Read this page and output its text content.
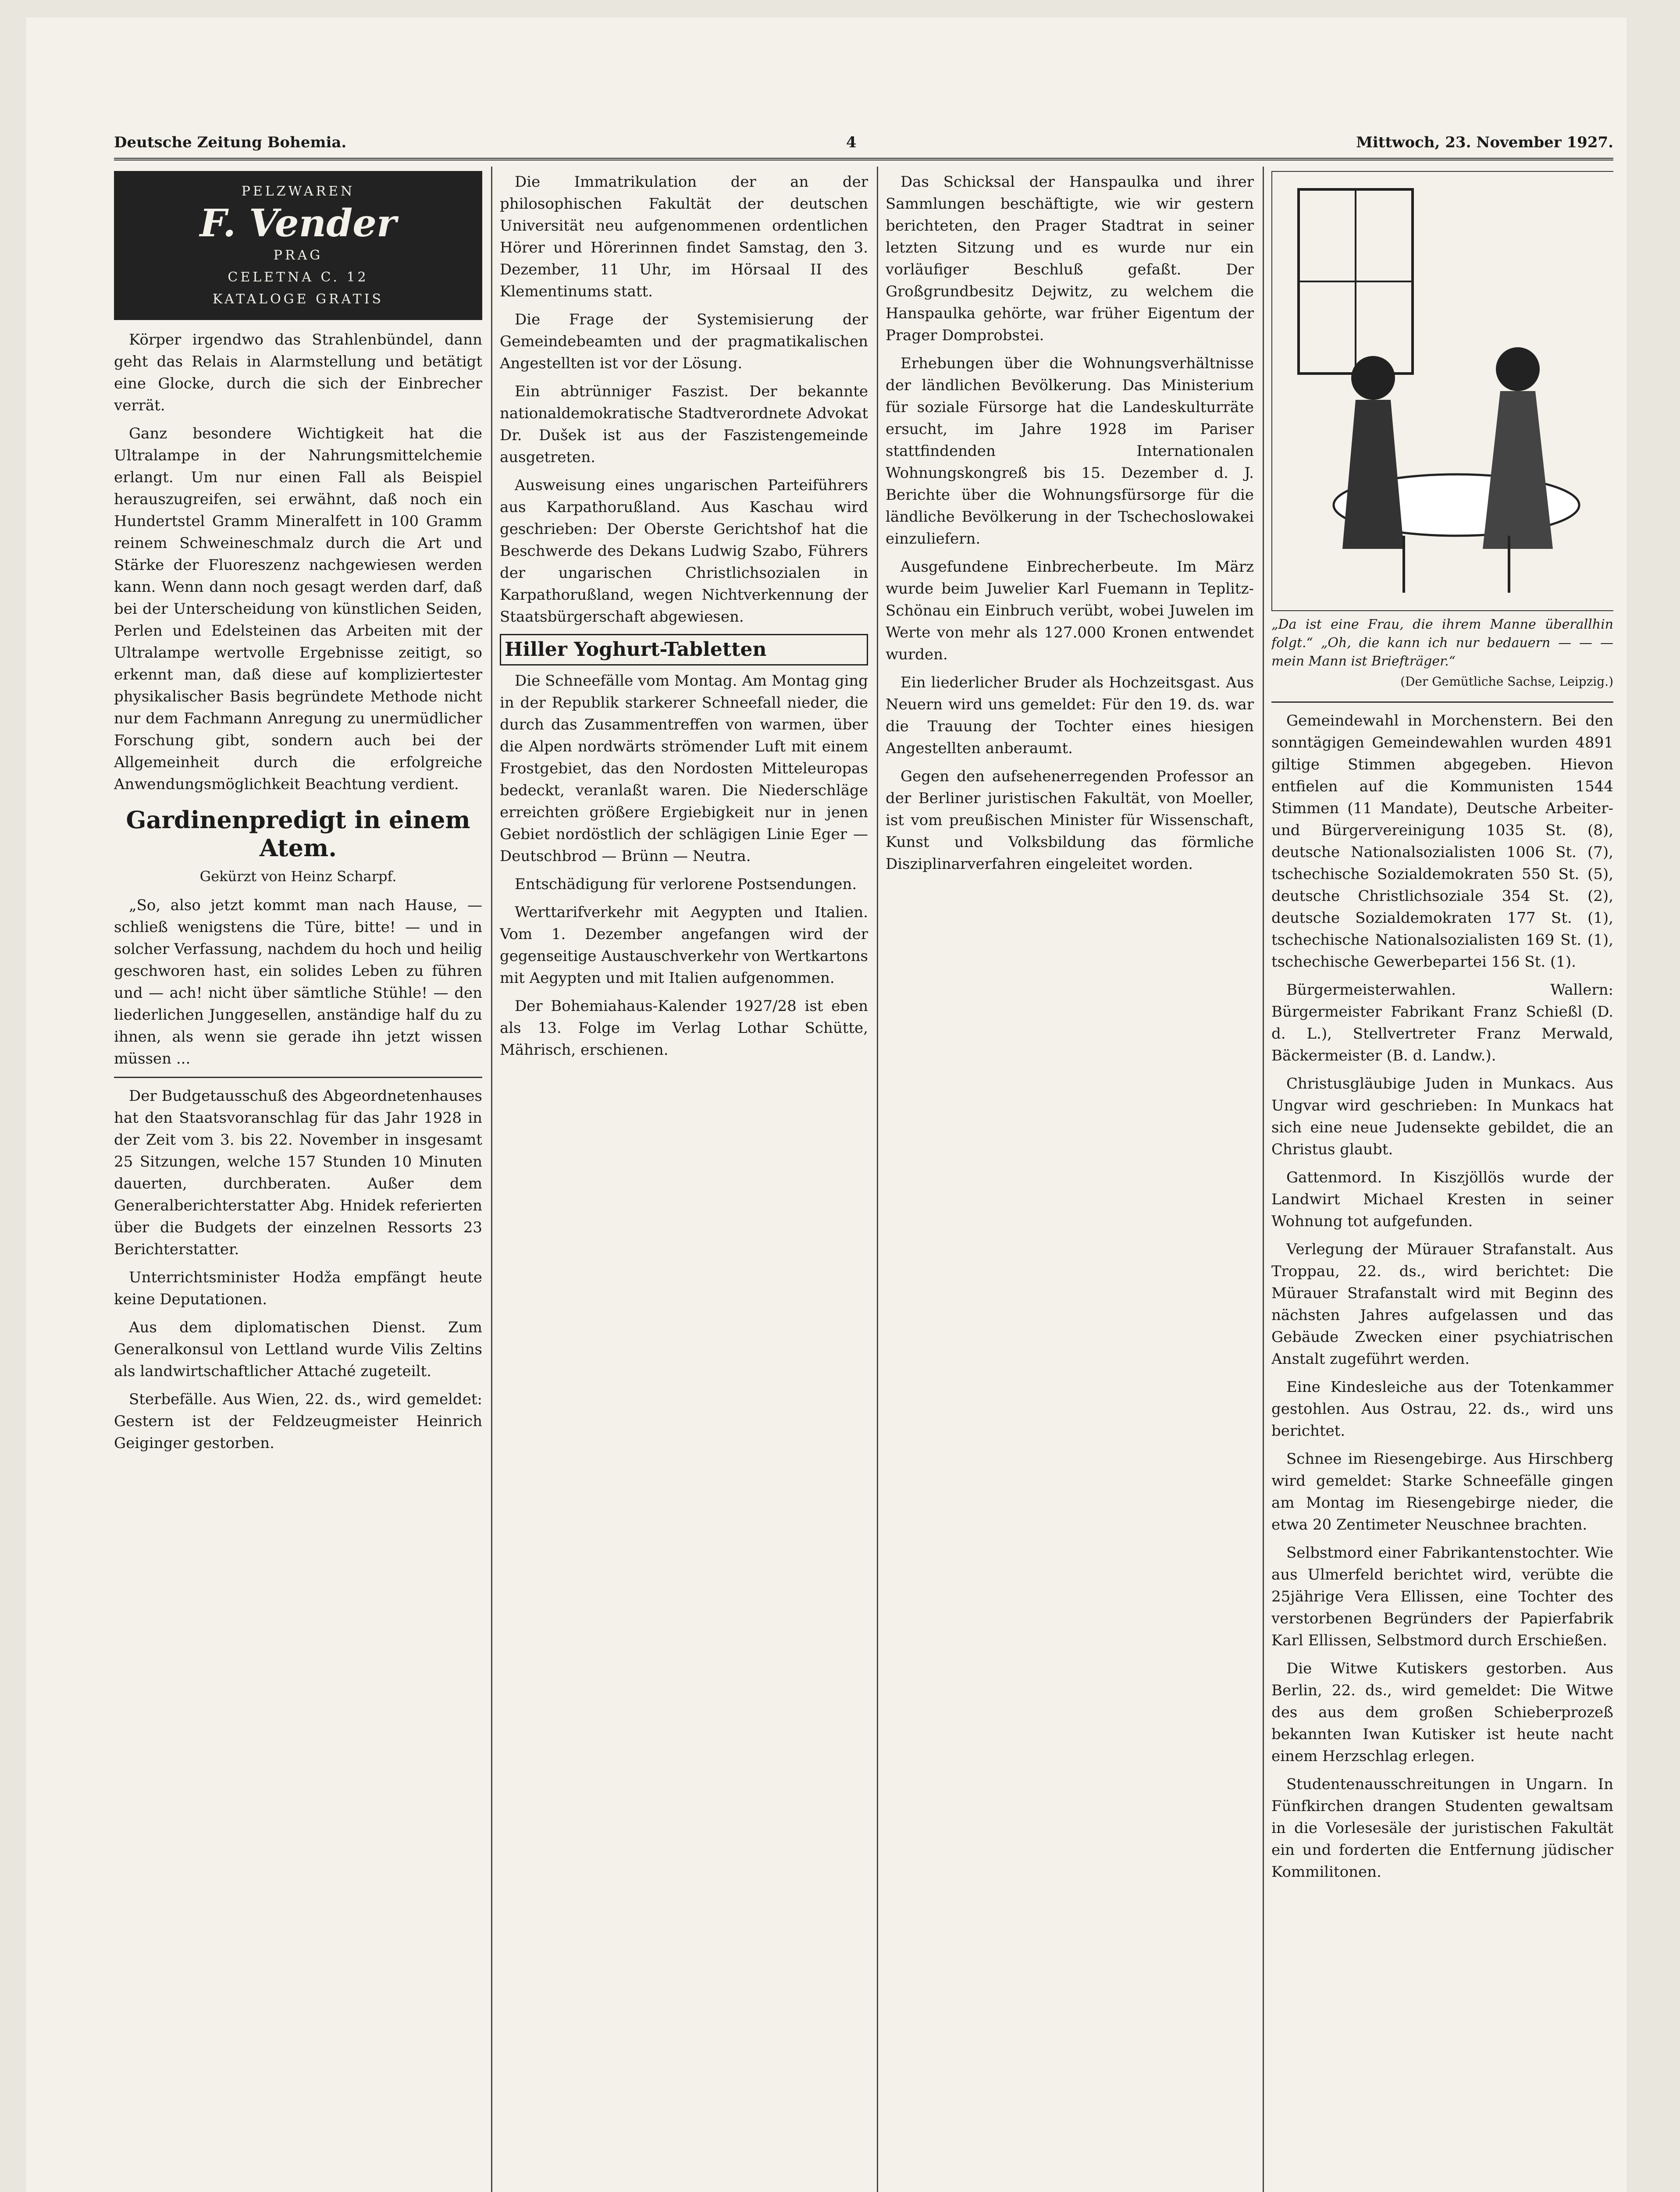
Deutsche Zeitung Bohemia.	4	Mittwoch, 23. November 1927.
PELZWAREN
F. Vender
PRAG
CELETNA C. 12
KATALOGE GRATIS

Körper irgendwo das Strahlenbündel, dann geht das Relais in Alarmstellung und betätigt eine Glocke, durch die sich der Einbrecher verrät.

Ganz besondere Wichtigkeit hat die Ultralampe in der Nahrungsmittelchemie erlangt. Um nur einen Fall als Beispiel herauszugreifen, sei erwähnt, daß noch ein Hundertstel Gramm Mineralfett in 100 Gramm reinem Schweineschmalz durch die Art und Stärke der Fluoreszenz nachgewiesen werden kann. Wenn dann noch gesagt werden darf, daß bei der Unterscheidung von künstlichen Seiden, Perlen und Edelsteinen das Arbeiten mit der Ultralampe wertvolle Ergebnisse zeitigt, so erkennt man, daß diese auf kompliziertester physikalischer Basis begründete Methode nicht nur dem Fachmann Anregung zu unermüdlicher Forschung gibt, sondern auch bei der Allgemeinheit durch die erfolgreiche Anwendungsmöglichkeit Beachtung verdient.

Gardinenpredigt in einem Atem.
Gekürzt von Heinz Scharpf.

„So, also jetzt kommt man nach Hause, — schließ wenigstens die Türe, bitte! — und in solcher Verfassung, nachdem du hoch und heilig geschworen hast, ein solides Leben zu führen und — ach! nicht über sämtliche Stühle! — den liederlichen Junggesellen, anständige half du zu ihnen, als wenn sie gerade ihn jetzt wissen müssen ...

Der Budgetausschuß des Abgeordnetenhauses hat den Staatsvoranschlag für das Jahr 1928 in der Zeit vom 3. bis 22. November in insgesamt 25 Sitzungen, welche 157 Stunden 10 Minuten dauerten, durchberaten. Außer dem Generalberichterstatter Abg. Hnidek referierten über die Budgets der einzelnen Ressorts 23 Berichterstatter.

Unterrichtsminister Hodža empfängt heute keine Deputationen.

Aus dem diplomatischen Dienst. Zum Generalkonsul von Lettland wurde Vilis Zeltins als landwirtschaftlicher Attaché zugeteilt.

Sterbefälle. Aus Wien, 22. ds., wird gemeldet: Gestern ist der Feldzeugmeister Heinrich Geiginger gestorben.

Die Immatrikulation der an der philosophischen Fakultät der deutschen Universität neu aufgenommenen ordentlichen Hörer und Hörerinnen findet Samstag, den 3. Dezember, 11 Uhr, im Hörsaal II des Klementinums statt.

Die Frage der Systemisierung der Gemeindebeamten und der pragmatikalischen Angestellten ist vor der Lösung.

Ein abtrünniger Faszist. Der bekannte nationaldemokratische Stadtverordnete Advokat Dr. Dušek ist aus der Faszistengemeinde ausgetreten.

Ausweisung eines ungarischen Parteiführers aus Karpathorußland. Aus Kaschau wird geschrieben: Der Oberste Gerichtshof hat die Beschwerde des Dekans Ludwig Szabo, Führers der ungarischen Christlichsozialen in Karpathorußland, wegen Nichtverkennung der Staatsbürgerschaft abgewiesen.

Hiller Yoghurt-Tabletten

Die Schneefälle vom Montag. Am Montag ging in der Republik starkerer Schneefall nieder, die durch das Zusammentreffen von warmen, über die Alpen nordwärts strömender Luft mit einem Frostgebiet, das den Nordosten Mitteleuropas bedeckt, veranlaßt waren. Die Niederschläge erreichten größere Ergiebigkeit nur in jenen Gebiet nordöstlich der schlägigen Linie Eger — Deutschbrod — Brünn — Neutra.

Entschädigung für verlorene Postsendungen.

Werttarifverkehr mit Aegypten und Italien. Vom 1. Dezember angefangen wird der gegenseitige Austauschverkehr von Wertkartons mit Aegypten und mit Italien aufgenommen.

Der Bohemiahaus-Kalender 1927/28 ist eben als 13. Folge im Verlag Lothar Schütte, Mährisch, erschienen.

Das Schicksal der Hanspaulka und ihrer Sammlungen beschäftigte, wie wir gestern berichteten, den Prager Stadtrat in seiner letzten Sitzung und es wurde nur ein vorläufiger Beschluß gefaßt. Der Großgrundbesitz Dejwitz, zu welchem die Hanspaulka gehörte, war früher Eigentum der Prager Domprobstei.

Erhebungen über die Wohnungsverhältnisse der ländlichen Bevölkerung. Das Ministerium für soziale Fürsorge hat die Landeskulturräte ersucht, im Jahre 1928 im Pariser stattfindenden Internationalen Wohnungskongreß bis 15. Dezember d. J. Berichte über die Wohnungsfürsorge für die ländliche Bevölkerung in der Tschechoslowakei einzuliefern.

Ausgefundene Einbrecherbeute. Im März wurde beim Juwelier Karl Fuemann in Teplitz-Schönau ein Einbruch verübt, wobei Juwelen im Werte von mehr als 127.000 Kronen entwendet wurden.

Ein liederlicher Bruder als Hochzeitsgast. Aus Neuern wird uns gemeldet: Für den 19. ds. war die Trauung der Tochter eines hiesigen Angestellten anberaumt.

Gegen den aufsehenerregenden Professor an der Berliner juristischen Fakultät, von Moeller, ist vom preußischen Minister für Wissenschaft, Kunst und Volksbildung das förmliche Disziplinarverfahren eingeleitet worden.

„Da ist eine Frau, die ihrem Manne überallhin folgt.“ „Oh, die kann ich nur bedauern — — — mein Mann ist Briefträger.“
(Der Gemütliche Sachse, Leipzig.)

Gemeindewahl in Morchenstern. Bei den sonntägigen Gemeindewahlen wurden 4891 giltige Stimmen abgegeben. Hievon entfielen auf die Kommunisten 1544 Stimmen (11 Mandate), Deutsche Arbeiter- und Bürgervereinigung 1035 St. (8), deutsche Nationalsozialisten 1006 St. (7), tschechische Sozialdemokraten 550 St. (5), deutsche Christlichsoziale 354 St. (2), deutsche Sozialdemokraten 177 St. (1), tschechische Nationalsozialisten 169 St. (1), tschechische Gewerbepartei 156 St. (1).

Bürgermeisterwahlen. Wallern: Bürgermeister Fabrikant Franz Schießl (D. d. L.), Stellvertreter Franz Merwald, Bäckermeister (B. d. Landw.).

Christusgläubige Juden in Munkacs. Aus Ungvar wird geschrieben: In Munkacs hat sich eine neue Judensekte gebildet, die an Christus glaubt.

Gattenmord. In Kiszjöllös wurde der Landwirt Michael Kresten in seiner Wohnung tot aufgefunden.

Verlegung der Mürauer Strafanstalt. Aus Troppau, 22. ds., wird berichtet: Die Mürauer Strafanstalt wird mit Beginn des nächsten Jahres aufgelassen und das Gebäude Zwecken einer psychiatrischen Anstalt zugeführt werden.

Eine Kindesleiche aus der Totenkammer gestohlen. Aus Ostrau, 22. ds., wird uns berichtet.

Schnee im Riesengebirge. Aus Hirschberg wird gemeldet: Starke Schneefälle gingen am Montag im Riesengebirge nieder, die etwa 20 Zentimeter Neuschnee brachten.

Selbstmord einer Fabrikantenstochter. Wie aus Ulmerfeld berichtet wird, verübte die 25jährige Vera Ellissen, eine Tochter des verstorbenen Begründers der Papierfabrik Karl Ellissen, Selbstmord durch Erschießen.

Die Witwe Kutiskers gestorben. Aus Berlin, 22. ds., wird gemeldet: Die Witwe des aus dem großen Schieberprozeß bekannten Iwan Kutisker ist heute nacht einem Herzschlag erlegen.

Studentenausschreitungen in Ungarn. In Fünfkirchen drangen Studenten gewaltsam in die Vorlesesäle der juristischen Fakultät ein und forderten die Entfernung jüdischer Kommilitonen.
